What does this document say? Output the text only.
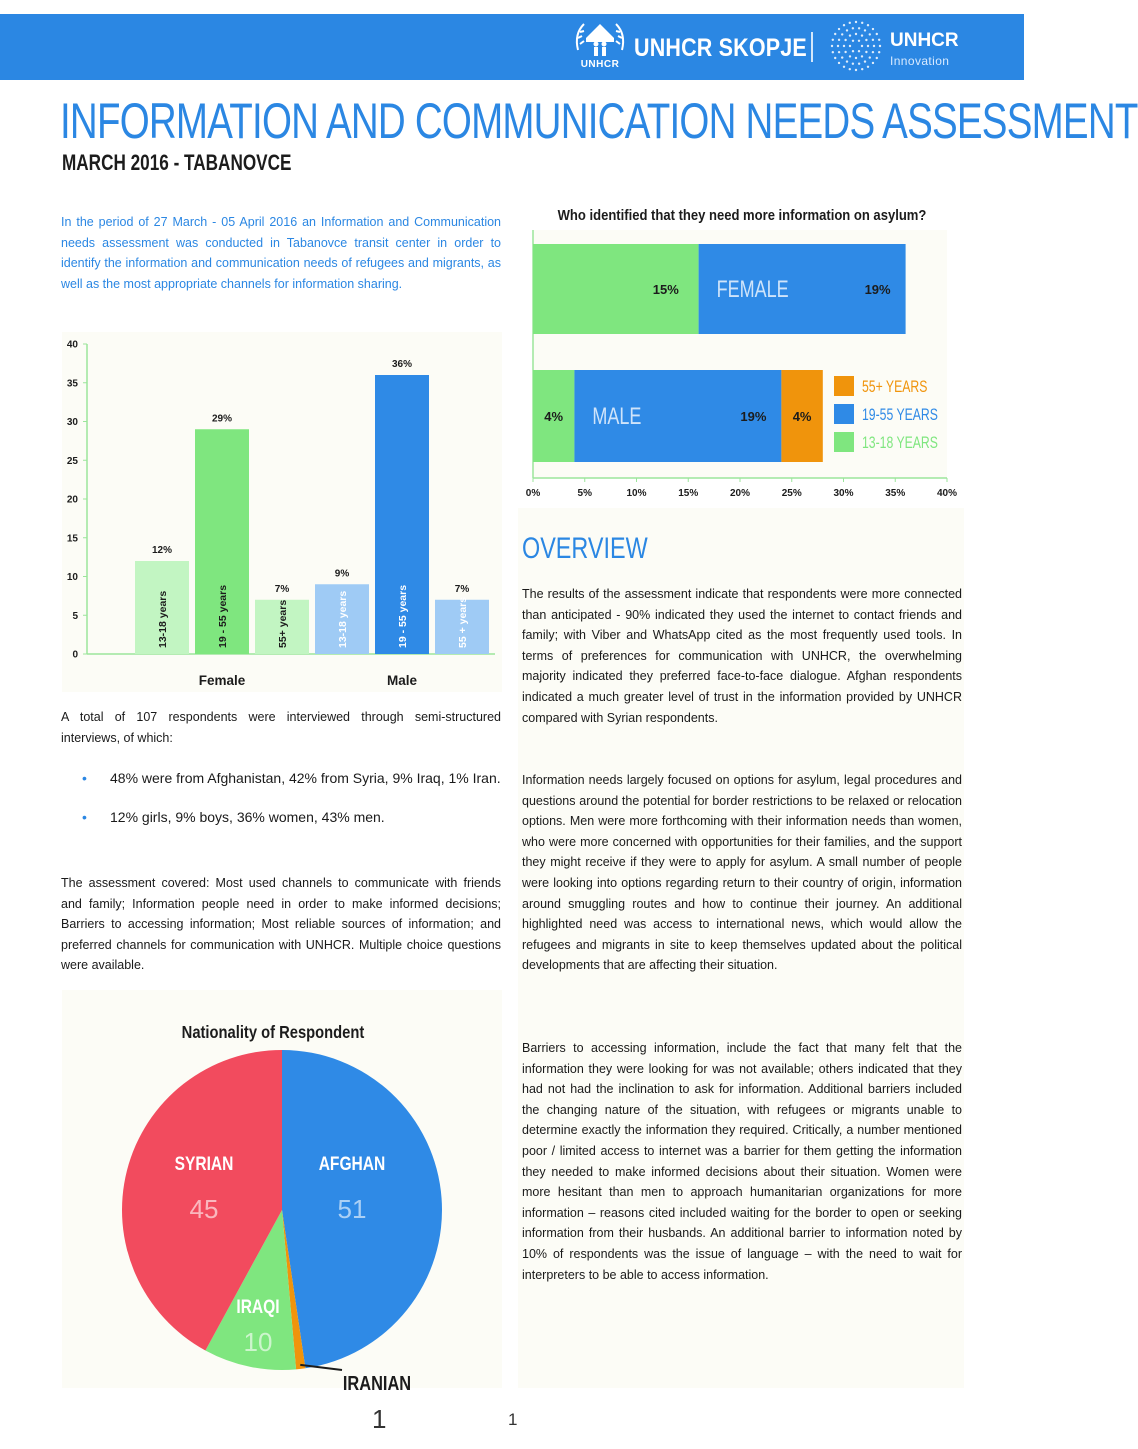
UNHCR
UNHCR SKOPJE	UNHCR
Innovation
INFORMATION AND COMMUNICATION NEEDS ASSESSMENT
MARCH 2016 - TABANOVCE
In the period of 27 March - 05 April 2016 an Information and Communication needs assessment was conducted in Tabanovce transit center in order to identify the information and communication needs of refugees and migrants, as well as the most appropriate channels for information sharing.
0
5
10
15
20
25
30
35
40
12%
13-18 years
29%
19 - 55 years	7%
55+ years
Female
9%
13-18 years
36%
19 - 55 years	7%
55 + years
Male
A total of 107 respondents were interviewed through semi-structured interviews, of which:
• 48% were from Afghanistan, 42% from Syria, 9% Iraq, 1% Iran.
• 12% girls, 9% boys, 36% women, 43% men.
The assessment covered: Most used channels to communicate with friends and family; Information people need in order to make informed decisions; Barriers to accessing information; Most reliable sources of information; and preferred channels for communication with UNHCR. Multiple choice questions were available.
Nationality of Respondent
AFGHAN
51
SYRIAN
45
IRAQI
10
IRANIAN
Who identified that they need more information on asylum?
0%	5%	10%	15%	20%	25%	30%	35%	40%
15%	19%
FEMALE
4%	19% 4%
MALE
55+ YEARS
19-55 YEARS
13-18 YEARS
OVERVIEW

The results of the assessment indicate that respondents were more connected than anticipated - 90% indicated they used the internet to contact friends and family; with Viber and WhatsApp cited as the most frequently used tools. In terms of preferences for communication with UNHCR, the overwhelming majority indicated they preferred face-to-face dialogue. Afghan respondents indicated a much greater level of trust in the information provided by UNHCR compared with Syrian respondents.

Information needs largely focused on options for asylum, legal procedures and questions around the potential for border restrictions to be relaxed or relocation options. Men were more forthcoming with their information needs than women, who were more concerned with opportunities for their families, and the support they might receive if they were to apply for asylum. A small number of people were looking into options regarding return to their country of origin, information around smuggling routes and how to continue their journey. An additional highlighted need was access to international news, which would allow the refugees and migrants in site to keep themselves updated about the political developments that are affecting their situation.

Barriers to accessing information, include the fact that many felt that the information they were looking for was not available; others indicated that they had not had the inclination to ask for information. Additional barriers included the changing nature of the situation, with refugees or migrants unable to determine exactly the information they required. Critically, a number mentioned poor / limited access to internet was a barrier for them getting the information they needed to make informed decisions about their situation. Women were more hesitant than men to approach humanitarian organizations for more information – reasons cited included waiting for the border to open or seeking information from their husbands. An additional barrier to information noted by 10% of respondents was the issue of language – with the need to wait for interpreters to be able to access information.

1	1
